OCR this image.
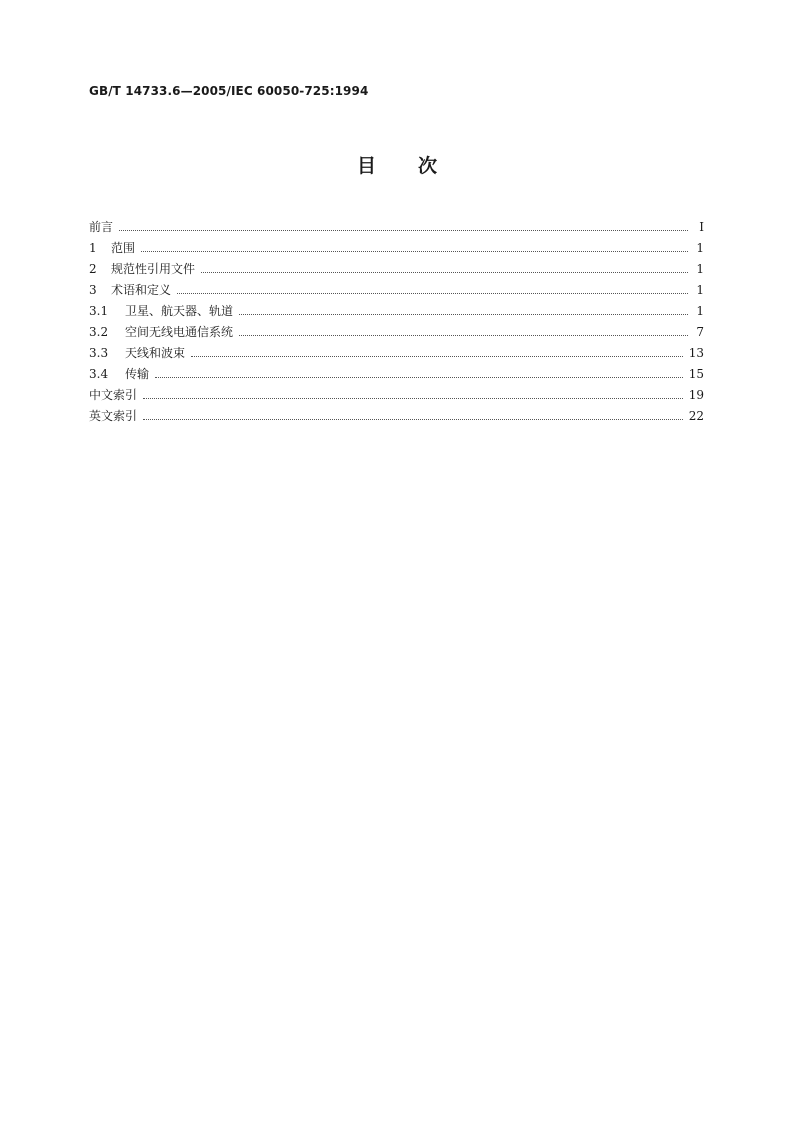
GB/T 14733.6—2005/IEC 60050-725:1994
目 次
前言	I
1	范围	1
2	规范性引用文件	1
3	术语和定义	1
3.1	卫星、航天器、轨道	1
3.2	空间无线电通信系统	7
3.3	天线和波束	13
3.4	传输	15
中文索引	19
英文索引	22
